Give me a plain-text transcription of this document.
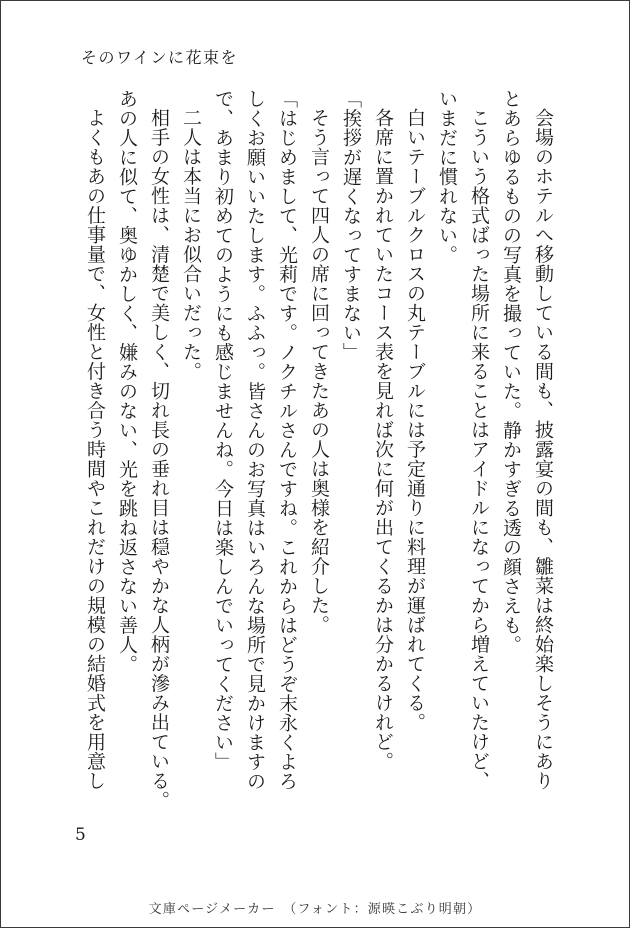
そのワインに花束を

会場のホテルへ移動している間も、披露宴の間も、雛菜は終始楽しそうにあり

とあらゆるものの写真を撮っていた。静かすぎる透の顔さえも。

こういう格式ばった場所に来ることはアイドルになってから増えていたけど、

いまだに慣れない。

白いテーブルクロスの丸テーブルには予定通りに料理が運ばれてくる。

各席に置かれていたコース表を見れば次に何が出てくるかは分かるけれど。

「挨拶が遅くなってすまない」

そう言って四人の席に回ってきたあの人は奥様を紹介した。

「はじめまして、光莉です。ノクチルさんですね。これからはどうぞ末永くよろ

しくお願いいたします。ふふっ。皆さんのお写真はいろんな場所で見かけますの

で、あまり初めてのようにも感じませんね。今日は楽しんでいってください」

二人は本当にお似合いだった。

相手の女性は、清楚で美しく、切れ長の垂れ目は穏やかな人柄が滲み出ている。

あの人に似て、奥ゆかしく、嫌みのない、光を跳ね返さない善人。

よくもあの仕事量で、女性と付き合う時間やこれだけの規模の結婚式を用意し

5
文庫ページメーカー　（フォント：源暎こぶり明朝）
